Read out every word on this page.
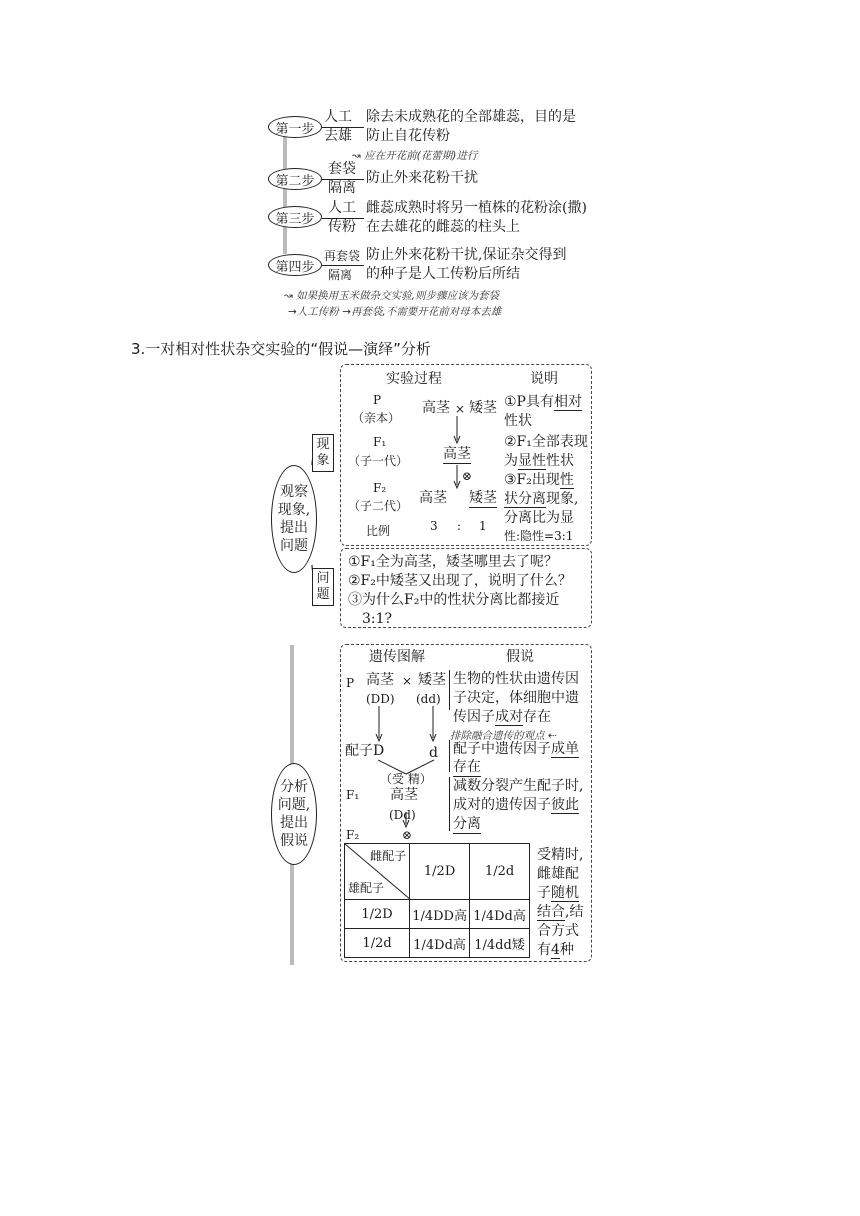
第一步
人工
去雄
除去未成熟花的全部雄蕊，目的是
防止自花传粉
↝ 应在开花前(花蕾期)进行
第二步
套袋
隔离
防止外来花粉干扰
第三步
人工
传粉
雌蕊成熟时将另一植株的花粉涂(撒)
在去雄花的雌蕊的柱头上
第四步
再套袋
隔离
防止外来花粉干扰,保证杂交得到
的种子是人工传粉后所结
↝ 如果换用玉米做杂交实验,则步骤应该为套袋
→人工传粉 →再套袋,不需要开花前对母本去雄
3.一对相对性状杂交实验的“假说—演绎”分析
观察现象,提出问题
现象
问题
实验过程	说明
P
（亲本）
高茎 × 矮茎
F₁
（子一代） 高茎
⊗
F₂
（子二代） 高茎 矮茎
比例	3 : 1
①P具有相对
性状
②F₁全部表现
为显性性状
③F₂出现性
状分离现象,
分离比为显
性:隐性=3:1
①F₁全为高茎，矮茎哪里去了呢？
②F₂中矮茎又出现了，说明了什么？
③为什么F₂中的性状分离比都接近
3:1?
分析问题,提出假说
遗传图解	假说
P 高茎 × 矮茎
(DD) (dd)
配子D	d
（受 精）
F₁ 高茎
(Dd)
⊗
F₂
生物的性状由遗传因
子决定，体细胞中遗
传因子成对存在
排除融合遗传的观点 ⇠
配子中遗传因子成单
存在
减数分裂产生配子时,
成对的遗传因子彼此
分离
雌配子
雄配子	1/2D	1/2d
1/2D	1/4DD高	1/4Dd高
1/2d	1/4Dd高	1/4dd矮
受精时,
雌雄配
子随机
结合,结
合方式
有4种
